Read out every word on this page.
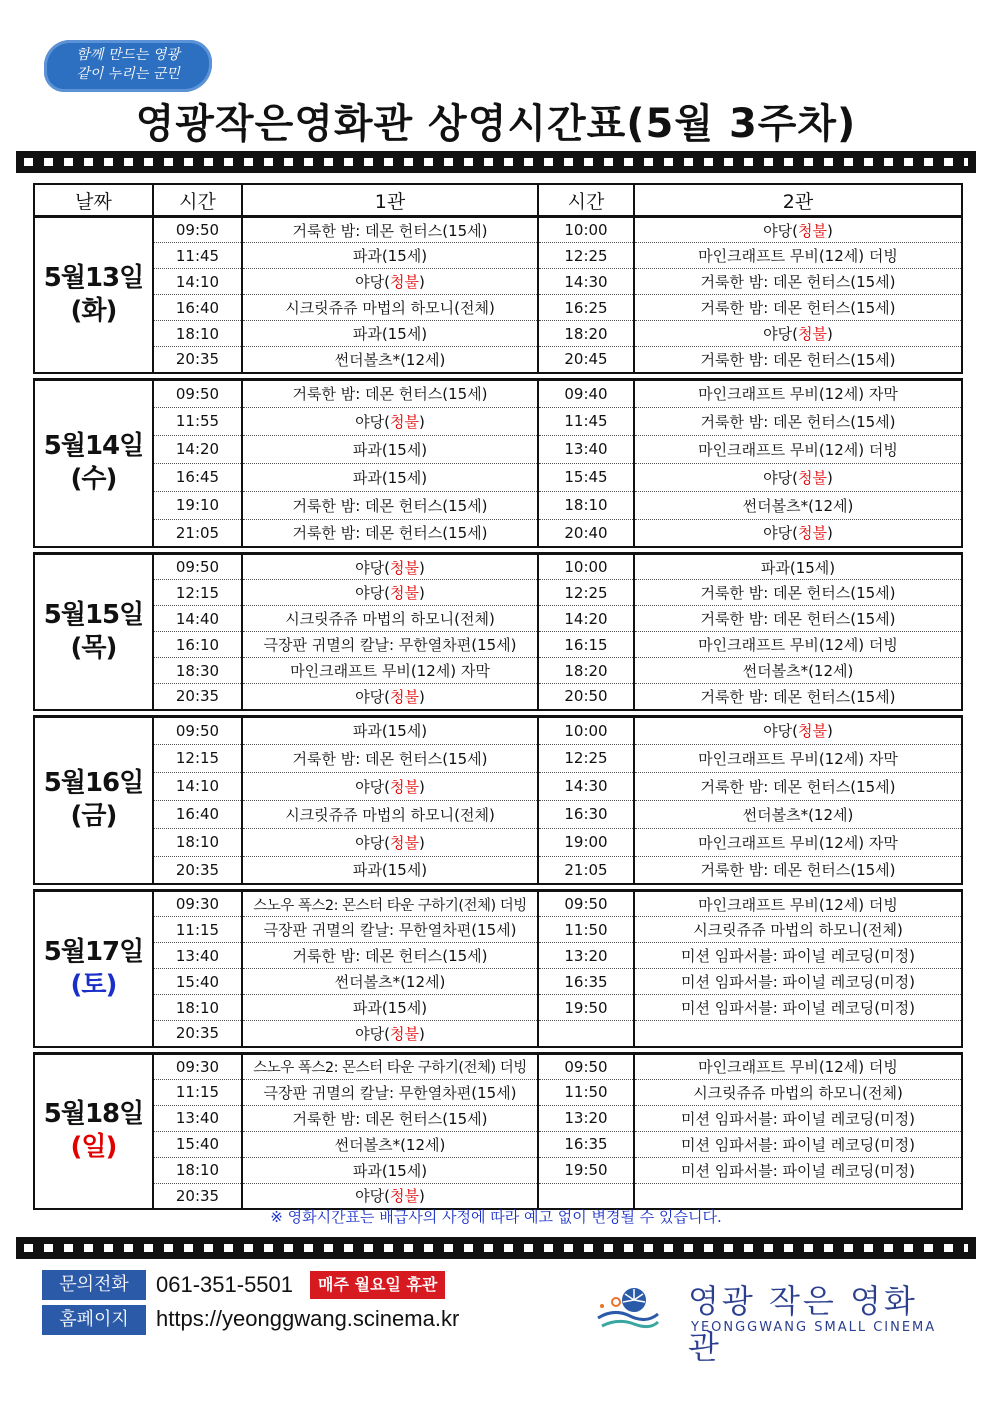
함께 만드는 영광
같이 누리는 군민
영광작은영화관 상영시간표(5월 3주차)
날짜	시간	1관	시간	2관

5월13일
(화)	09:50	거룩한 밤: 데몬 헌터스(15세)	10:00	야당(청불)
	11:45	파과(15세)	12:25	마인크래프트 무비(12세) 더빙
	14:10	야당(청불)	14:30	거룩한 밤: 데몬 헌터스(15세)
	16:40	시크릿쥬쥬 마법의 하모니(전체)	16:25	거룩한 밤: 데몬 헌터스(15세)
	18:10	파과(15세)	18:20	야당(청불)
	20:35	썬더볼츠*(12세)	20:45	거룩한 밤: 데몬 헌터스(15세)

5월14일
(수)	09:50	거룩한 밤: 데몬 헌터스(15세)	09:40	마인크래프트 무비(12세) 자막
	11:55	야당(청불)	11:45	거룩한 밤: 데몬 헌터스(15세)
	14:20	파과(15세)	13:40	마인크래프트 무비(12세) 더빙
	16:45	파과(15세)	15:45	야당(청불)
	19:10	거룩한 밤: 데몬 헌터스(15세)	18:10	썬더볼츠*(12세)
	21:05	거룩한 밤: 데몬 헌터스(15세)	20:40	야당(청불)

5월15일
(목)	09:50	야당(청불)	10:00	파과(15세)
	12:15	야당(청불)	12:25	거룩한 밤: 데몬 헌터스(15세)
	14:40	시크릿쥬쥬 마법의 하모니(전체)	14:20	거룩한 밤: 데몬 헌터스(15세)
	16:10	극장판 귀멸의 칼날: 무한열차편(15세)	16:15	마인크래프트 무비(12세) 더빙
	18:30	마인크래프트 무비(12세) 자막	18:20	썬더볼츠*(12세)
	20:35	야당(청불)	20:50	거룩한 밤: 데몬 헌터스(15세)

5월16일
(금)	09:50	파과(15세)	10:00	야당(청불)
	12:15	거룩한 밤: 데몬 헌터스(15세)	12:25	마인크래프트 무비(12세) 자막
	14:10	야당(청불)	14:30	거룩한 밤: 데몬 헌터스(15세)
	16:40	시크릿쥬쥬 마법의 하모니(전체)	16:30	썬더볼츠*(12세)
	18:10	야당(청불)	19:00	마인크래프트 무비(12세) 자막
	20:35	파과(15세)	21:05	거룩한 밤: 데몬 헌터스(15세)

5월17일
(토)	09:30	스노우 폭스2: 몬스터 타운 구하기(전체) 더빙	09:50	마인크래프트 무비(12세) 더빙
	11:15	극장판 귀멸의 칼날: 무한열차편(15세)	11:50	시크릿쥬쥬 마법의 하모니(전체)
	13:40	거룩한 밤: 데몬 헌터스(15세)	13:20	미션 임파서블: 파이널 레코딩(미정)
	15:40	썬더볼츠*(12세)	16:35	미션 임파서블: 파이널 레코딩(미정)
	18:10	파과(15세)	19:50	미션 임파서블: 파이널 레코딩(미정)
	20:35	야당(청불)		

5월18일
(일)	09:30	스노우 폭스2: 몬스터 타운 구하기(전체) 더빙	09:50	마인크래프트 무비(12세) 더빙
	11:15	극장판 귀멸의 칼날: 무한열차편(15세)	11:50	시크릿쥬쥬 마법의 하모니(전체)
	13:40	거룩한 밤: 데몬 헌터스(15세)	13:20	미션 임파서블: 파이널 레코딩(미정)
	15:40	썬더볼츠*(12세)	16:35	미션 임파서블: 파이널 레코딩(미정)
	18:10	파과(15세)	19:50	미션 임파서블: 파이널 레코딩(미정)
	20:35	야당(청불)		
※ 영화시간표는 배급사의 사정에 따라 예고 없이 변경될 수 있습니다.
문의전화	061-351-5501	매주 월요일 휴관
홈페이지	https://yeonggwang.scinema.kr	영광 작은 영화관
YEONGGWANG SMALL CINEMA
